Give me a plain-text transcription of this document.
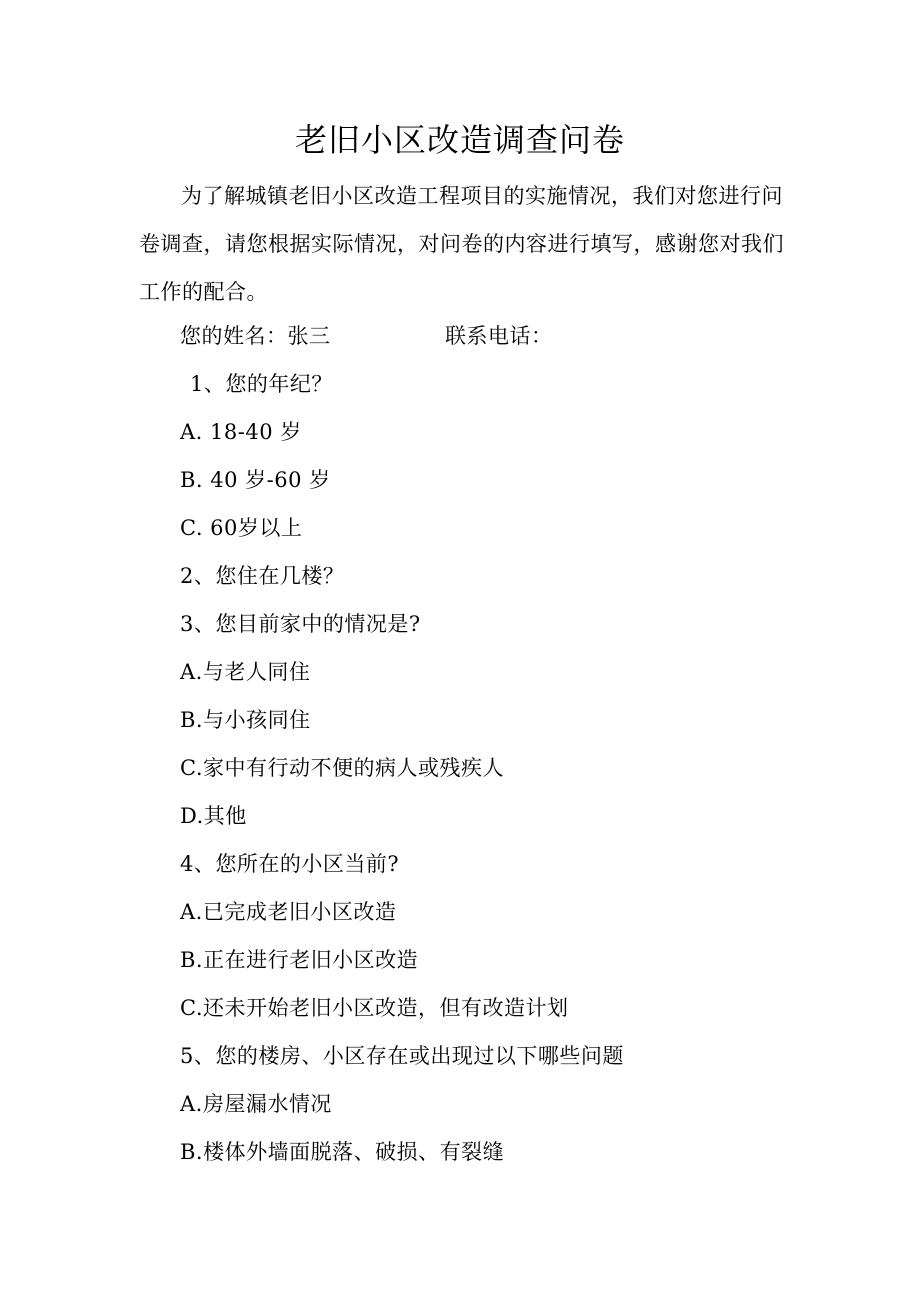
老旧小区改造调查问卷

为了解城镇老旧小区改造工程项目的实施情况，我们对您进行问卷调查，请您根据实际情况，对问卷的内容进行填写，感谢您对我们工作的配合。

您的姓名：张三	联系电话：
1、您的年纪？
A. 18-40 岁
B. 40 岁-60 岁
C. 60岁以上
2、您住在几楼？
3、您目前家中的情况是?
A.与老人同住
B.与小孩同住
C.家中有行动不便的病人或残疾人
D.其他
4、您所在的小区当前?
A.已完成老旧小区改造
B.正在进行老旧小区改造
C.还未开始老旧小区改造，但有改造计划
5、您的楼房、小区存在或出现过以下哪些问题
A.房屋漏水情况
B.楼体外墙面脱落、破损、有裂缝
